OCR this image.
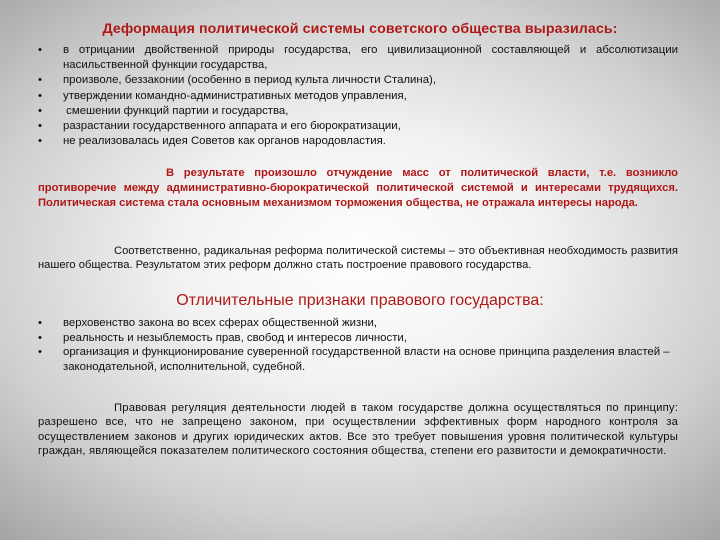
Деформация политической системы советского общества выразилась:
• в отрицании двойственной природы государства, его цивилизационной составляющей и абсолютизации насильственной функции государства,
• произволе, беззаконии (особенно в период культа личности Сталина),
• утверждении командно-административных методов управления,
• смешении функций партии и государства,
• разрастании государственного аппарата и его бюрократизации,
• не реализовалась идея Советов как органов народовластия.

В результате произошло отчуждение масс от политической власти, т.е. возникло противоречие между административно-бюрократической политической системой и интересами трудящихся. Политическая система стала основным механизмом торможения общества, не отражала интересы народа.

Соответственно, радикальная реформа политической системы – это объективная необходимость развития нашего общества. Результатом этих реформ должно стать построение правового государства.

Отличительные признаки правового государства:
• верховенство закона во всех сферах общественной жизни,
• реальность и незыблемость прав, свобод и интересов личности,
• организация и функционирование суверенной государственной власти на основе принципа разделения властей – законодательной, исполнительной, судебной.

Правовая регуляция деятельности людей в таком государстве должна осуществляться по принципу: разрешено все, что не запрещено законом, при осуществлении эффективных форм народного контроля за осуществлением законов и других юридических актов. Все это требует повышения уровня политической культуры граждан, являющейся показателем политического состояния общества, степени его развитости и демократичности.
